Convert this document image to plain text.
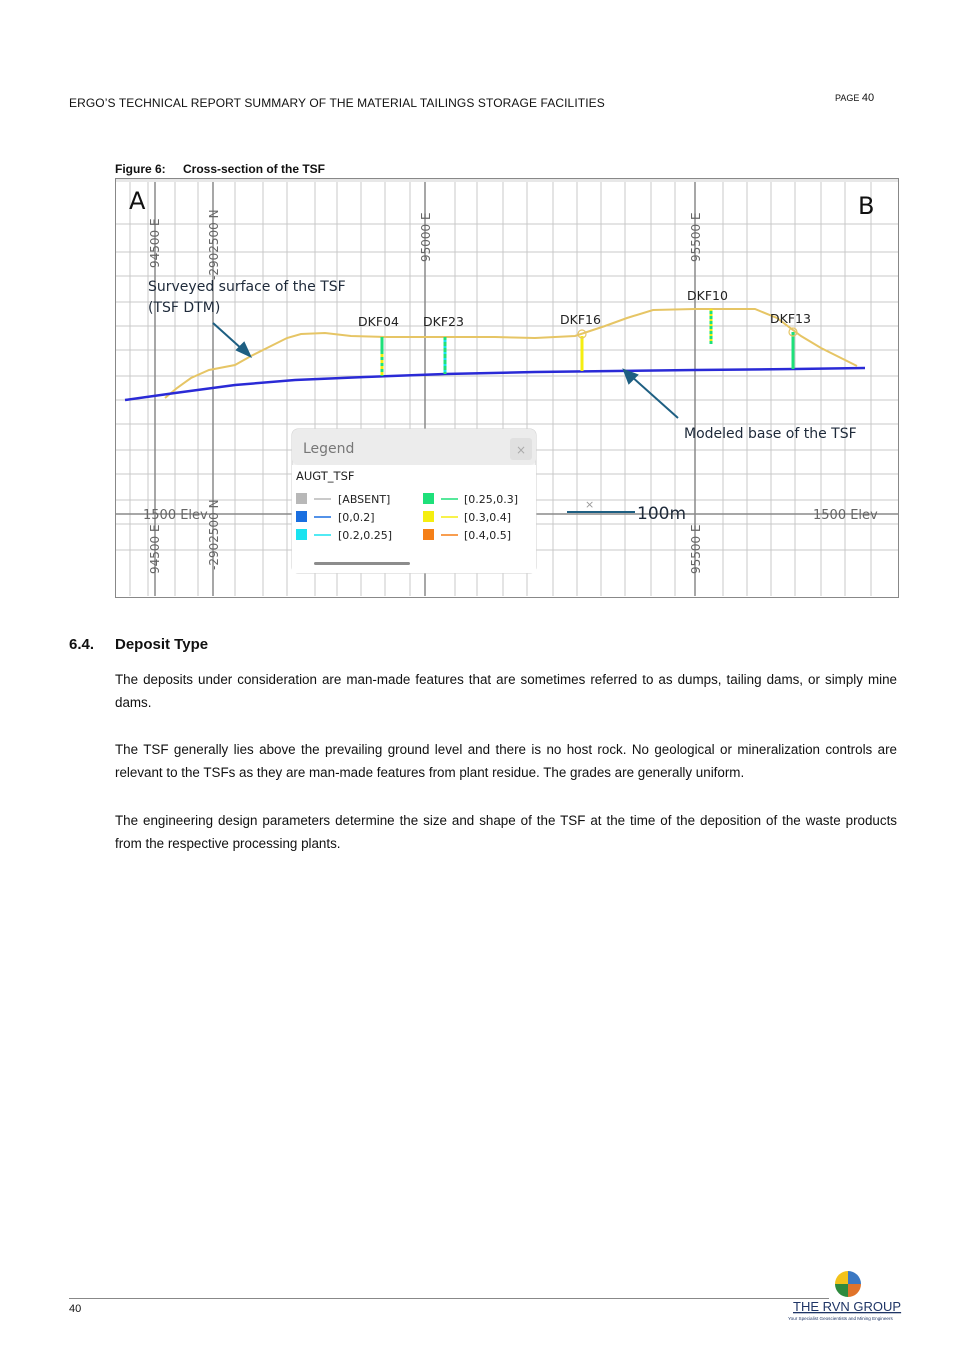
ERGO’S TECHNICAL REPORT SUMMARY OF THE MATERIAL TAILINGS STORAGE FACILITIES	PAGE 40
Figure 6: Cross-section of the TSF
94500 E	-2902500 N	95000 E	95500 E
94500 E	-2902500 N	95500 E
1500 Elev	1500 Elev
A	B
DKF04 DKF23	DKF16
DKF10
DKF13
Surveyed surface of the TSF
(TSF DTM)
Modeled base of the TSF
×	100m
Legend	×
AUGT_TSF
[ABSENT]
[0,0.2]
[0.2,0.25]
[0.25,0.3]
[0.3,0.4]
[0.4,0.5]
6.4. Deposit Type

The deposits under consideration are man-made features that are sometimes referred to as dumps, tailing dams, or simply mine dams.

The TSF generally lies above the prevailing ground level and there is no host rock. No geological or mineralization controls are relevant to the TSFs as they are man-made features from plant residue. The grades are generally uniform.

The engineering design parameters determine the size and shape of the TSF at the time of the deposition of the waste products from the respective processing plants.

40	THE RVN GROUP
Your Specialist Geoscientists and Mining Engineers
